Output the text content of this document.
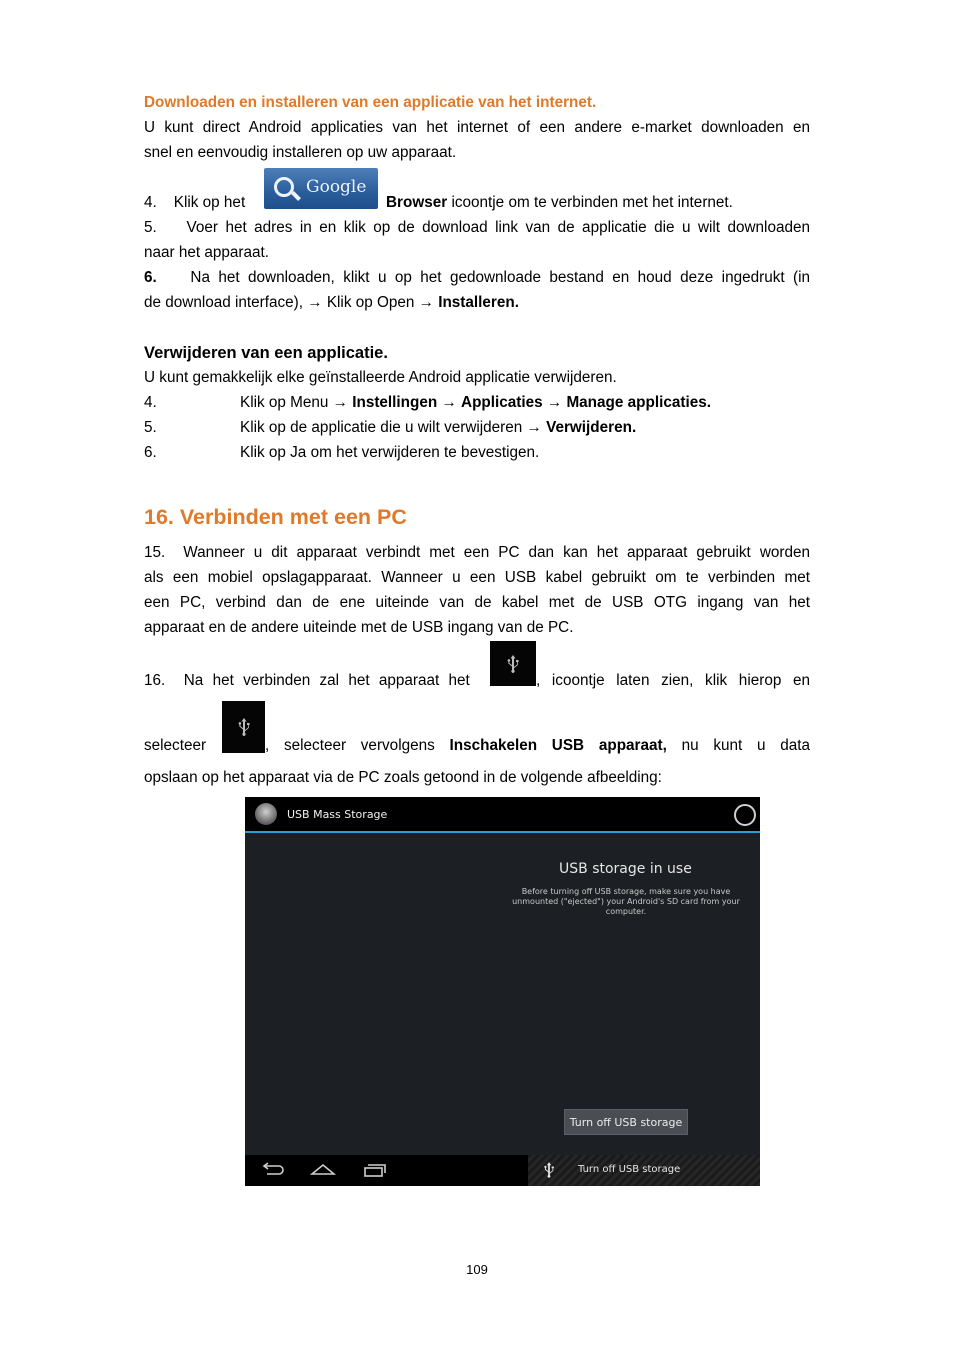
Downloaden en installeren van een applicatie van het internet.
U kunt direct Android applicaties van het internet of een andere e-market downloaden en
snel en eenvoudig installeren op uw apparaat.
4. Klik op het
Google
Browser icoontje om te verbinden met het internet.
5.    Voer het adres in en klik op de download link van de applicatie die u wilt downloaden
naar het apparaat.
6. Na het downloaden, klikt u op het gedownloade bestand en houd deze ingedrukt (in
de download interface), → Klik op Open → Installeren.
Verwijderen van een applicatie.
U kunt gemakkelijk elke geïnstalleerde Android applicatie verwijderen.
4.	Klik op Menu → Instellingen → Applicaties → Manage applicaties.
5.	Klik op de applicatie die u wilt verwijderen → Verwijderen.
6.	Klik op Ja om het verwijderen te bevestigen.
16. Verbinden met een PC
15.  Wanneer u dit apparaat verbindt met een PC dan kan het apparaat gebruikt worden
als een mobiel opslagapparaat. Wanneer u een USB kabel gebruikt om te verbinden met
een PC, verbind dan de ene uiteinde van de kabel met de USB OTG ingang van het
apparaat en de andere uiteinde met de USB ingang van de PC.
16.  Na het verbinden zal het apparaat het	, icoontje laten zien, klik hierop en
selecteer	, selecteer vervolgens Inschakelen USB apparaat, nu kunt u data
opslaan op het apparaat via de PC zoals getoond in de volgende afbeelding:
USB Mass Storage
USB storage in use
Before turning off USB storage, make sure you have unmounted ("ejected") your Android's SD card from your computer.
Turn off USB storage
Turn off USB storage
109
